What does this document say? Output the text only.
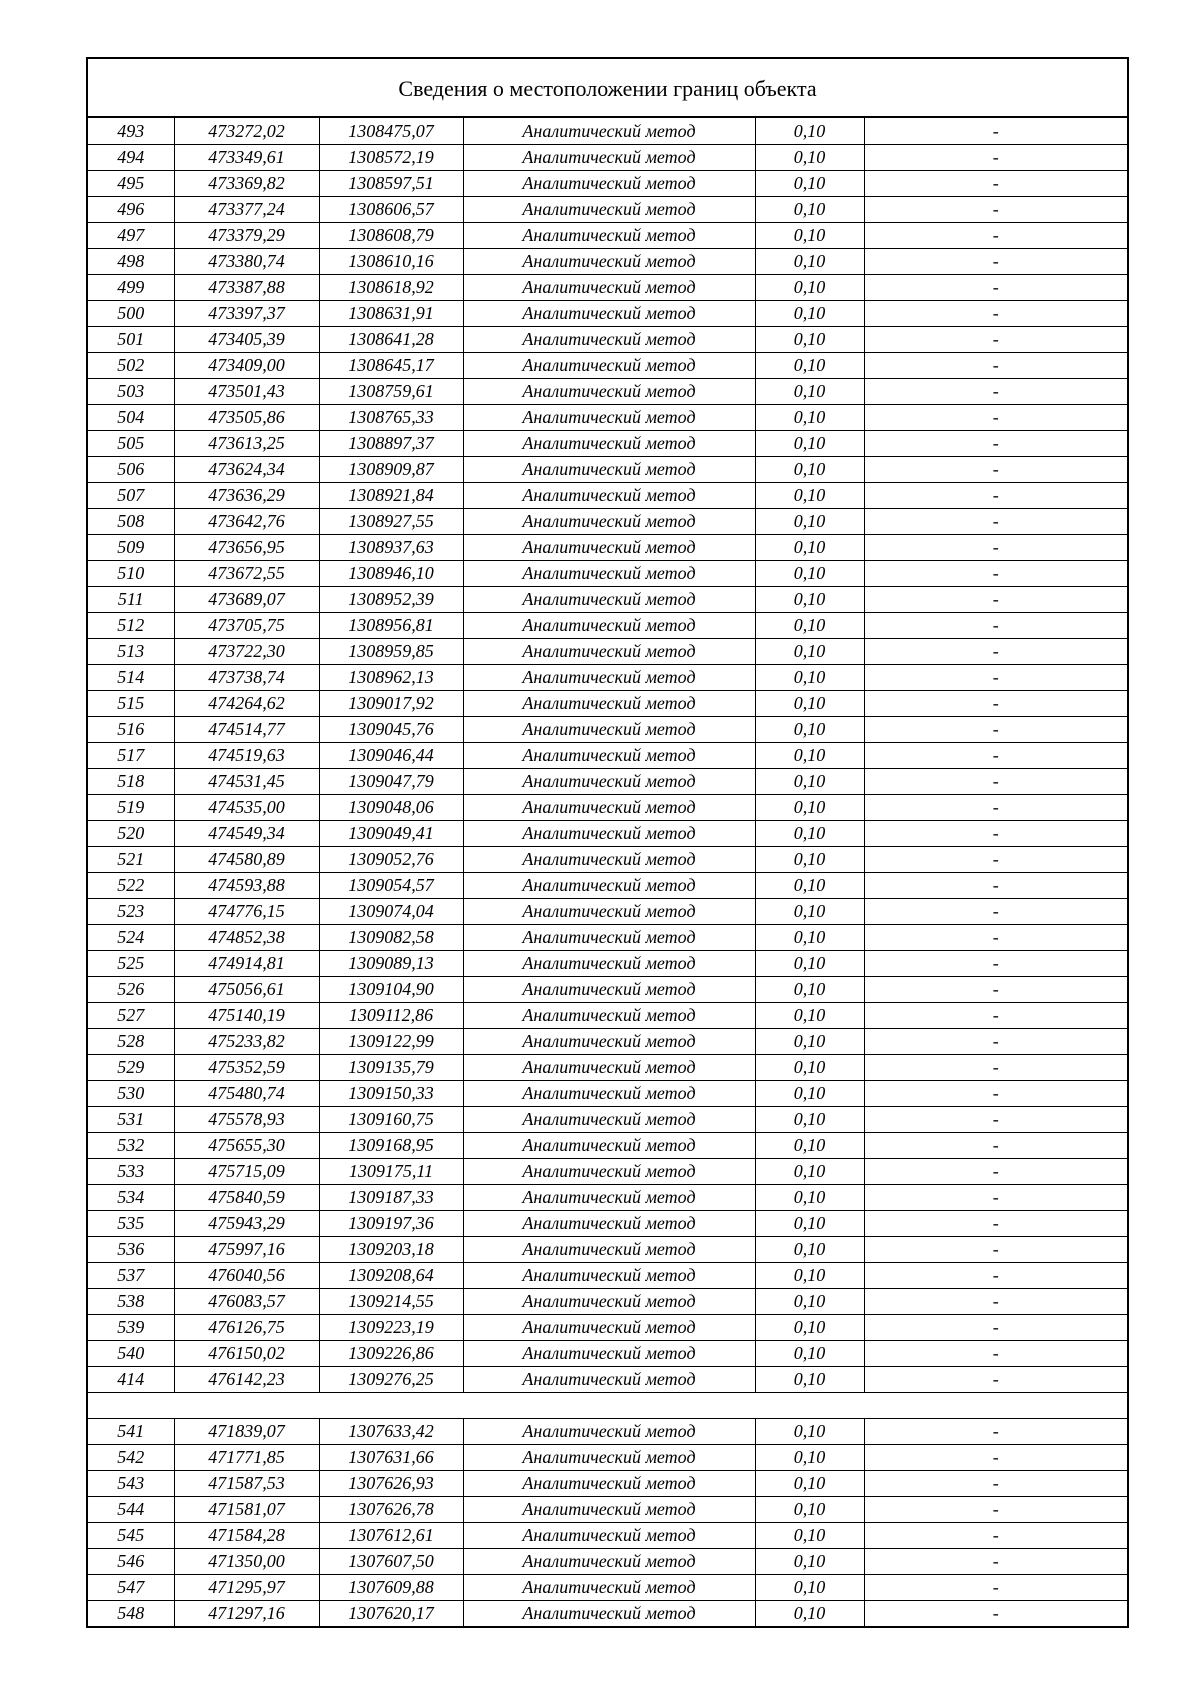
Сведения о местоположении границ объекта
493	473272,02	1308475,07	Аналитический метод	0,10	-
494	473349,61	1308572,19	Аналитический метод	0,10	-
495	473369,82	1308597,51	Аналитический метод	0,10	-
496	473377,24	1308606,57	Аналитический метод	0,10	-
497	473379,29	1308608,79	Аналитический метод	0,10	-
498	473380,74	1308610,16	Аналитический метод	0,10	-
499	473387,88	1308618,92	Аналитический метод	0,10	-
500	473397,37	1308631,91	Аналитический метод	0,10	-
501	473405,39	1308641,28	Аналитический метод	0,10	-
502	473409,00	1308645,17	Аналитический метод	0,10	-
503	473501,43	1308759,61	Аналитический метод	0,10	-
504	473505,86	1308765,33	Аналитический метод	0,10	-
505	473613,25	1308897,37	Аналитический метод	0,10	-
506	473624,34	1308909,87	Аналитический метод	0,10	-
507	473636,29	1308921,84	Аналитический метод	0,10	-
508	473642,76	1308927,55	Аналитический метод	0,10	-
509	473656,95	1308937,63	Аналитический метод	0,10	-
510	473672,55	1308946,10	Аналитический метод	0,10	-
511	473689,07	1308952,39	Аналитический метод	0,10	-
512	473705,75	1308956,81	Аналитический метод	0,10	-
513	473722,30	1308959,85	Аналитический метод	0,10	-
514	473738,74	1308962,13	Аналитический метод	0,10	-
515	474264,62	1309017,92	Аналитический метод	0,10	-
516	474514,77	1309045,76	Аналитический метод	0,10	-
517	474519,63	1309046,44	Аналитический метод	0,10	-
518	474531,45	1309047,79	Аналитический метод	0,10	-
519	474535,00	1309048,06	Аналитический метод	0,10	-
520	474549,34	1309049,41	Аналитический метод	0,10	-
521	474580,89	1309052,76	Аналитический метод	0,10	-
522	474593,88	1309054,57	Аналитический метод	0,10	-
523	474776,15	1309074,04	Аналитический метод	0,10	-
524	474852,38	1309082,58	Аналитический метод	0,10	-
525	474914,81	1309089,13	Аналитический метод	0,10	-
526	475056,61	1309104,90	Аналитический метод	0,10	-
527	475140,19	1309112,86	Аналитический метод	0,10	-
528	475233,82	1309122,99	Аналитический метод	0,10	-
529	475352,59	1309135,79	Аналитический метод	0,10	-
530	475480,74	1309150,33	Аналитический метод	0,10	-
531	475578,93	1309160,75	Аналитический метод	0,10	-
532	475655,30	1309168,95	Аналитический метод	0,10	-
533	475715,09	1309175,11	Аналитический метод	0,10	-
534	475840,59	1309187,33	Аналитический метод	0,10	-
535	475943,29	1309197,36	Аналитический метод	0,10	-
536	475997,16	1309203,18	Аналитический метод	0,10	-
537	476040,56	1309208,64	Аналитический метод	0,10	-
538	476083,57	1309214,55	Аналитический метод	0,10	-
539	476126,75	1309223,19	Аналитический метод	0,10	-
540	476150,02	1309226,86	Аналитический метод	0,10	-
414	476142,23	1309276,25	Аналитический метод	0,10	-

541	471839,07	1307633,42	Аналитический метод	0,10	-
542	471771,85	1307631,66	Аналитический метод	0,10	-
543	471587,53	1307626,93	Аналитический метод	0,10	-
544	471581,07	1307626,78	Аналитический метод	0,10	-
545	471584,28	1307612,61	Аналитический метод	0,10	-
546	471350,00	1307607,50	Аналитический метод	0,10	-
547	471295,97	1307609,88	Аналитический метод	0,10	-
548	471297,16	1307620,17	Аналитический метод	0,10	-
